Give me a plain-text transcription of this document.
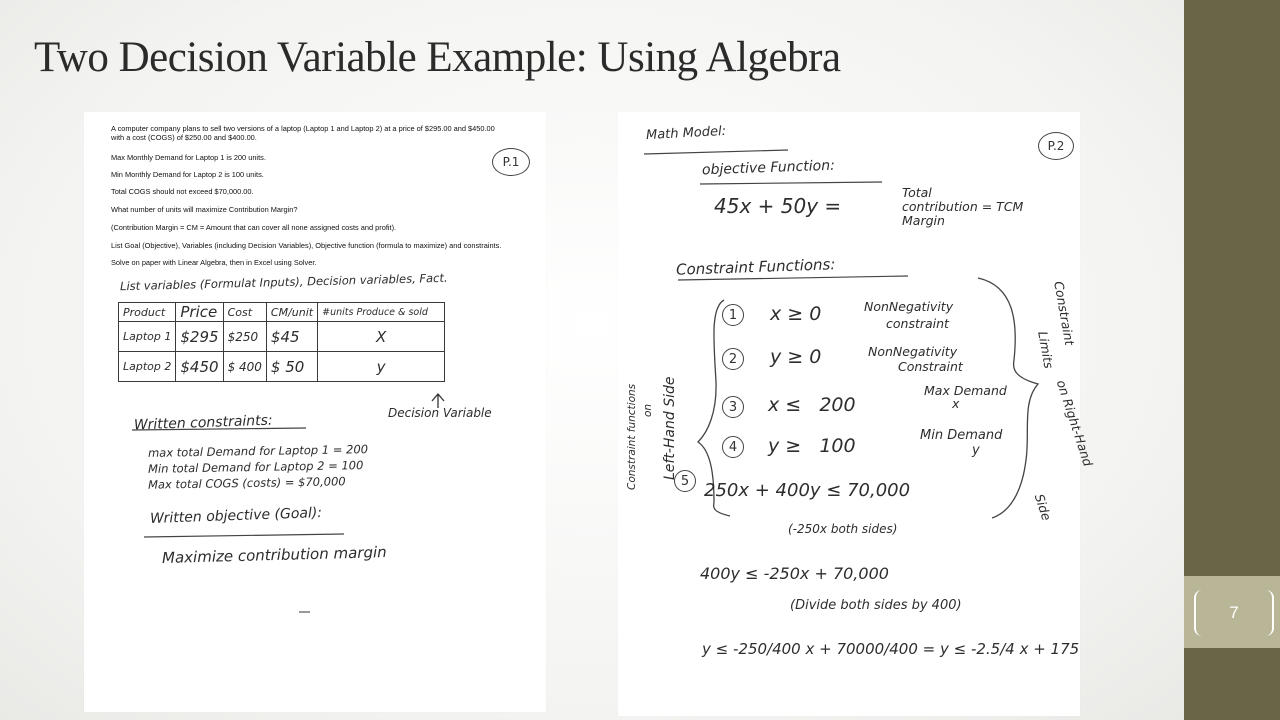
7
Two Decision Variable Example: Using Algebra

A computer company plans to sell two versions of a laptop (Laptop 1 and Laptop 2) at a price of $295.00 and $450.00
with a cost (COGS) of $250.00 and $400.00.

Max Monthly Demand for Laptop 1 is 200 units.

Min Monthly Demand for Laptop 2 is 100 units.

Total COGS should not exceed $70,000.00.

What number of units will maximize Contribution Margin?

(Contribution Margin = CM = Amount that can cover all none assigned costs and profit).

List Goal (Objective), Variables (including Decision Variables), Objective function (formula to maximize) and constraints.

Solve on paper with Linear Algebra, then in Excel using Solver.

P.1
List variables (Formulat Inputs), Decision variables, Fact.
Product	Price	Cost	CM/unit	#units Produce & sold
Laptop 1	$295	$250	$45	X
Laptop 2	$450	$ 400	$ 50	y
Decision Variable
Written constraints:
max total Demand for Laptop 1 = 200
Min total Demand for Laptop 2 = 100
Max total COGS (costs) = $70,000
Written objective (Goal):
Maximize contribution margin
Math Model:
P.2
objective Function:
45x + 50y =
Total
contribution = TCM
Margin
Constraint Functions:
Constraint functions on Left-Hand Side
Constraint
Limits
on Right-Hand
Side
1	x ≥ 0	NonNegativity
constraint
2	y ≥ 0	NonNegativity
Constraint
3	x ≤   200
Max Demand
x
4	y ≥   100	Min Demand
y
5 250x + 400y ≤ 70,000
(-250x both sides)
400y ≤ -250x + 70,000
(Divide both sides by 400)
y ≤ -250/400 x + 70000/400 = y ≤ -2.5/4 x + 175
